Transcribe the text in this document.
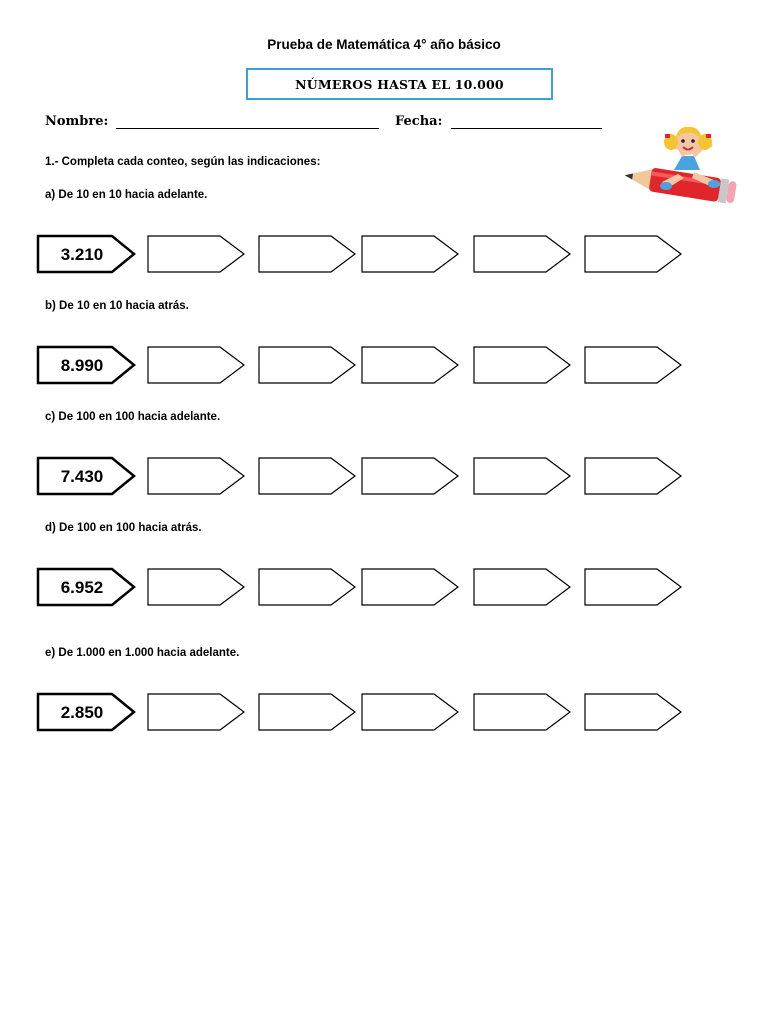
Prueba de Matemática 4° año básico
NÚMEROS HASTA EL 10.000
Nombre:	Fecha:
1.- Completa cada conteo, según las indicaciones:
a) De 10 en 10 hacia adelante.
3.210
b) De 10 en 10 hacia atrás.
8.990
c) De 100 en 100 hacia adelante.
7.430
d) De 100 en 100 hacia atrás.
6.952
e) De 1.000 en 1.000 hacia adelante.
2.850
